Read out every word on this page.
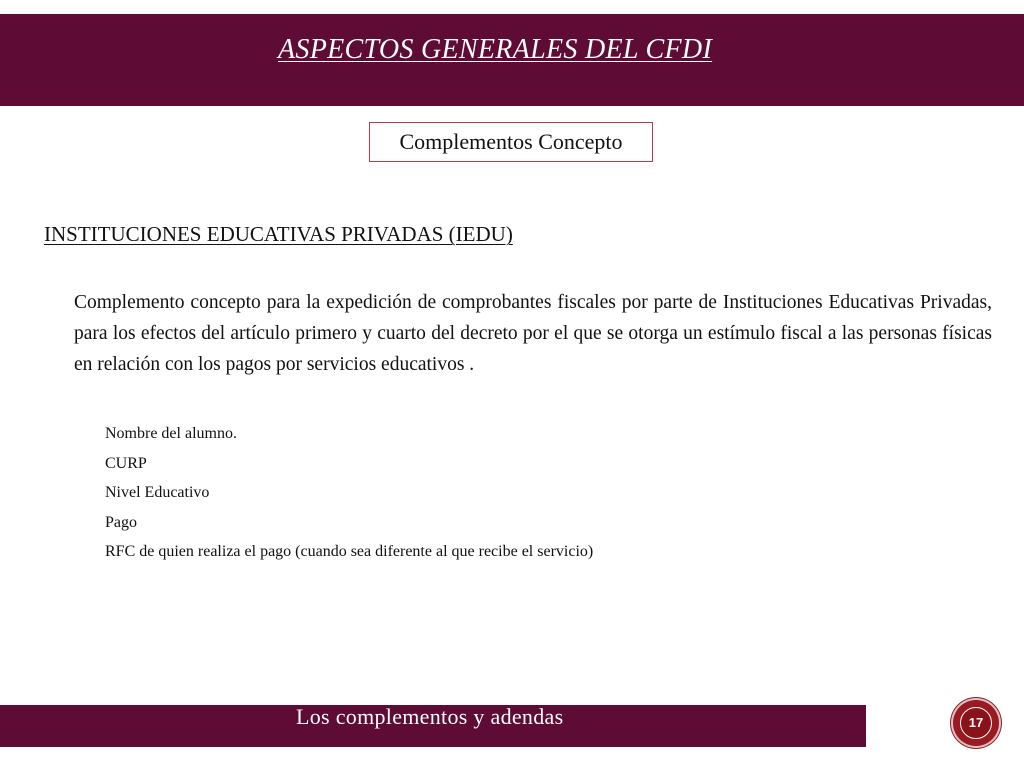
ASPECTOS GENERALES DEL CFDI
Complementos Concepto
INSTITUCIONES EDUCATIVAS PRIVADAS (IEDU)

Complemento concepto para la expedición de comprobantes fiscales por parte de Instituciones Educativas Privadas, para los efectos del artículo primero y cuarto del decreto por el que se otorga un estímulo fiscal a las personas físicas en relación con los pagos por servicios educativos .

Nombre del alumno.
CURP
Nivel Educativo
Pago
RFC de quien realiza el pago (cuando sea diferente al que recibe el servicio)
Los complementos y adendas	17
